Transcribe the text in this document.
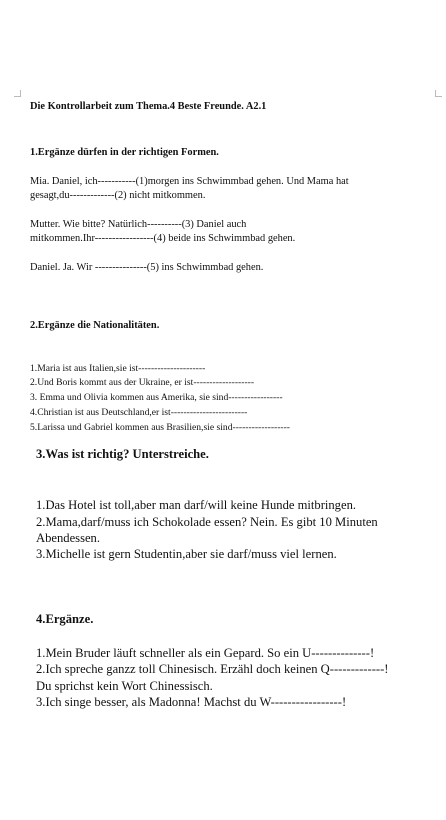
Die Kontrollarbeit zum Thema.4 Beste Freunde. A2.1
1.Ergänze dürfen in der richtigen Formen.
Mia. Daniel, ich-----------(1)morgen ins Schwimmbad gehen. Und Mama hat
gesagt,du-------------(2) nicht mitkommen.
Mutter. Wie bitte? Natürlich----------(3) Daniel auch
mitkommen.Ihr-----------------(4) beide ins Schwimmbad gehen.
Daniel. Ja. Wir ---------------(5) ins Schwimmbad gehen.
2.Ergänze die Nationalitäten.
1.Maria ist aus Italien,sie ist---------------------
2.Und Boris kommt aus der Ukraine, er ist-------------------
3. Emma und Olivia kommen aus Amerika, sie sind-----------------
4.Christian ist aus Deutschland,er ist------------------------
5.Larissa und Gabriel kommen aus Brasilien,sie sind------------------
3.Was ist richtig? Unterstreiche.
1.Das Hotel ist toll,aber man darf/will keine Hunde mitbringen.
2.Mama,darf/muss ich Schokolade essen? Nein. Es gibt 10 Minuten
Abendessen.
3.Michelle ist gern Studentin,aber sie darf/muss viel lernen.
4.Ergänze.
1.Mein Bruder läuft schneller als ein Gepard. So ein U--------------!
2.Ich spreche ganzz toll Chinesisch. Erzähl doch keinen Q-------------!
Du sprichst kein Wort Chinessisch.
3.Ich singe besser, als Madonna! Machst du W-----------------!
